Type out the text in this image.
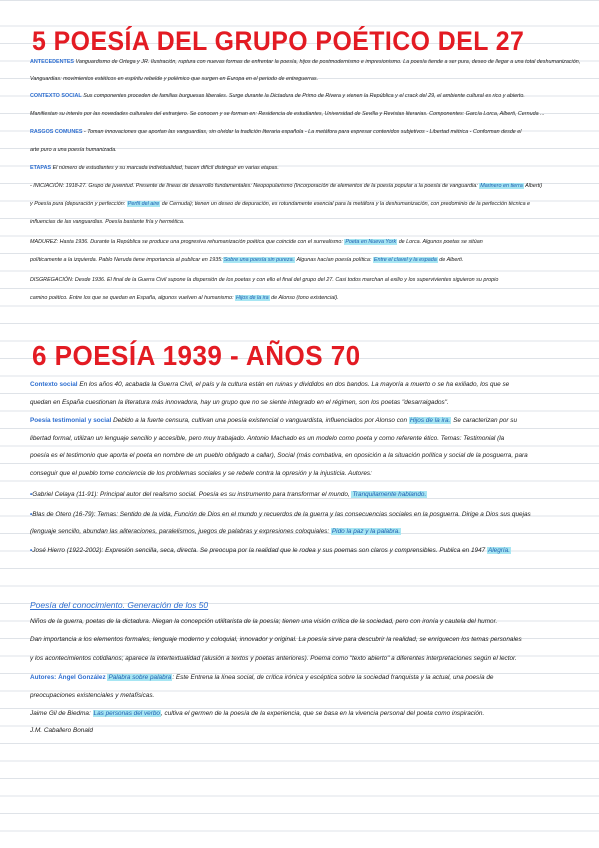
5 POESÍA DEL GRUPO POÉTICO DEL 27
ANTECEDENTES Vanguardismo de Ortega y JR. Ilustración, ruptura con nuevas formas de enfrentar la poesía, hijos de postmodernismo e impresionismo. La poesía tiende a ser pura, deseo de llegar a una total deshumanización,
Vanguardias: movimientos estéticos en espíritu rebelde y polémico que surgen en Europa en el periodo de entreguerras.
CONTEXTO SOCIAL Sus componentes proceden de familias burguesas liberales. Surge durante la Dictadura de Primo de Rivera y vienen la República y el crack del 29, el ambiente cultural es rico y abierto.
Manifiestan su interés por las novedades culturales del extranjero. Se conocen y se forman en: Residencia de estudiantes, Universidad de Sevilla y Revistas literarias. Componentes: García Lorca, Alberti, Cernuda ...
RASGOS COMUNES - Toman innovaciones que aportan las vanguardias, sin olvidar la tradición literaria española - La metáfora para expresar contenidos subjetivos - Libertad métrica - Conforman desde el
arte puro a una poesía humanizada.
ETAPAS El número de estudiantes y su marcada individualidad, hacen difícil distinguir en varias etapas.
- INICIACIÓN: 1918-27. Grupo de juventud. Presente de líneas de desarrollo fundamentales: Neopopularismo (Incorporación de elementos de la poesía popular a la poesía de vanguardia: Marinero en tierra Alberti)
y Poesía pura (depuración y perfección: Perfil del aire de Cernuda); tienen un deseo de depuración, es rotundamente esencial para la metáfora y la deshumanización, con predominio de la perfección técnica e
influencias de las vanguardias. Poesía bastante fría y hermética.
MADUREZ: Hasta 1936. Durante la República se produce una progresiva rehumanización poética que coincide con el surrealismo: Poeta en Nueva York de Lorca. Algunos poetas se sitúan
políticamente a la izquierda. Pablo Neruda tiene importancia al publicar en 1935:Sobre una poesía sin pureza. Algunas hacían poesía política: Entre el clavel y la espada de Alberti.
DISGREGACIÓN: Desde 1936. El final de la Guerra Civil supone la dispersión de los poetas y con ello el final del grupo del 27. Casi todos marchan al exilio y los supervivientes siguieron su propio
camino poético. Entre los que se quedan en España, algunos vuelven al humanismo: Hijos de la ira de Alonso (tono existencial).
6 POESÍA 1939 - AÑOS 70
Contexto social En los años 40, acabada la Guerra Civil, el país y la cultura están en ruinas y divididos en dos bandos. La mayoría a muerto o se ha exiliado, los que se
quedan en España cuestionan la literatura más innovadora, hay un grupo que no se siente integrado en el régimen, son los poetas "desarraigados".
Poesía testimonial y social Debido a la fuerte censura, cultivan una poesía existencial o vanguardista, influenciados por Alonso con Hijos de la ira. Se caracterizan por su
libertad formal, utilizan un lenguaje sencillo y accesible, pero muy trabajado. Antonio Machado es un modelo como poeta y como referente ético. Temas: Testimonial (la
poesía es el testimonio que aporta el poeta en nombre de un pueblo obligado a callar), Social (más combativa, en oposición a la situación política y social de la posguerra, para
conseguir que el pueblo tome conciencia de los problemas sociales y se rebele contra la opresión y la injusticia. Autores:
•Gabriel Celaya (11-91): Principal autor del realismo social. Poesía es su instrumento para transformar el mundo, Tranquilamente hablando.
•Blas de Otero (16-79): Temas: Sentido de la vida, Función de Dios en el mundo y recuerdos de la guerra y las consecuencias sociales en la posguerra. Dirige a Dios sus quejas
(lenguaje sencillo, abundan las aliteraciones, paralelismos, juegos de palabras y expresiones coloquiales: Pido la paz y la palabra.
•José Hierro (1922-2002): Expresión sencilla, seca, directa. Se preocupa por la realidad que le rodea y sus poemas son claros y comprensibles. Publica en 1947 Alegría.
Poesía del conocimiento. Generación de los 50
Niños de la guerra, poetas de la dictadura. Niegan la concepción utilitarista de la poesía; tienen una visión crítica de la sociedad, pero con ironía y cautela del humor.
Dan importancia a los elementos formales, lenguaje moderno y coloquial, innovador y original. La poesía sirve para descubrir la realidad, se enriquecen los temas personales
y los acontecimientos cotidianos; aparece la intertextualidad (alusión a textos y poetas anteriores). Poema como "texto abierto" a diferentes interpretaciones según el lector.
Autores: Ángel González Palabra sobre palabra: Este Entrena la línea social, de crítica irónica y escéptica sobre la sociedad franquista y la actual, una poesía de
preocupaciones existenciales y metafísicas.
Jaime Gil de Biedma: Las personas del verbo, cultiva el germen de la poesía de la experiencia, que se basa en la vivencia personal del poeta como inspiración.
J.M. Caballero Bonald
